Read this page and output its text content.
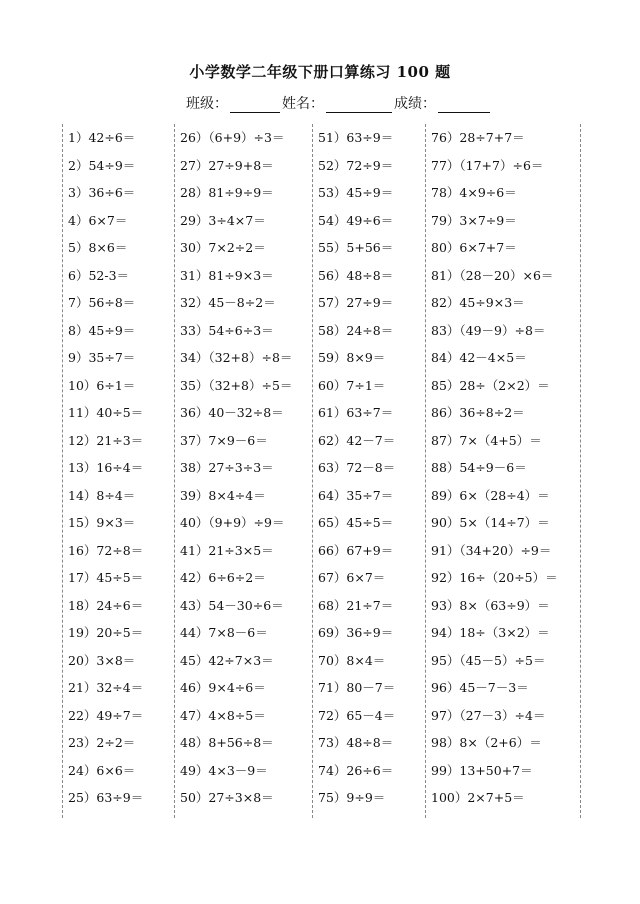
小学数学二年级下册口算练习 100 题
班级：	姓名：	成绩：
1）42÷6＝
2）54÷9＝
3）36÷6＝
4）6×7＝
5）8×6＝
6）52-3＝
7）56÷8＝
8）45÷9＝
9）35÷7＝
10）6÷1＝
11）40÷5＝
12）21÷3＝
13）16÷4＝
14）8÷4＝
15）9×3＝
16）72÷8＝
17）45÷5＝
18）24÷6＝
19）20÷5＝
20）3×8＝
21）32÷4＝
22）49÷7＝
23）2÷2＝
24）6×6＝
25）63÷9＝
26）（6+9）÷3＝
27）27÷9+8＝
28）81÷9÷9＝
29）3÷4×7＝
30）7×2÷2＝
31）81÷9×3＝
32）45－8÷2＝
33）54÷6÷3＝
34）（32+8）÷8＝
35）（32+8）÷5＝
36）40－32÷8＝
37）7×9－6＝
38）27÷3÷3＝
39）8×4÷4＝
40）（9+9）÷9＝
41）21÷3×5＝
42）6÷6÷2＝
43）54－30÷6＝
44）7×8－6＝
45）42÷7×3＝
46）9×4÷6＝
47）4×8÷5＝
48）8+56÷8＝
49）4×3－9＝
50）27÷3×8＝
51）63÷9＝
52）72÷9＝
53）45÷9＝
54）49÷6＝
55）5+56＝
56）48÷8＝
57）27÷9＝
58）24÷8＝
59）8×9＝
60）7÷1＝
61）63÷7＝
62）42－7＝
63）72－8＝
64）35÷7＝
65）45÷5＝
66）67+9＝
67）6×7＝
68）21÷7＝
69）36÷9＝
70）8×4＝
71）80－7＝
72）65－4＝
73）48÷8＝
74）26÷6＝
75）9÷9＝
76）28÷7+7＝
77）（17+7）÷6＝
78）4×9÷6＝
79）3×7÷9＝
80）6×7+7＝
81）（28－20）×6＝
82）45÷9×3＝
83）（49－9）÷8＝
84）42－4×5＝
85）28÷（2×2）＝
86）36÷8÷2＝
87）7×（4+5）＝
88）54÷9－6＝
89）6×（28÷4）＝
90）5×（14÷7）＝
91）（34+20）÷9＝
92）16÷（20÷5）＝
93）8×（63÷9）＝
94）18÷（3×2）＝
95）（45－5）÷5＝
96）45－7－3＝
97）（27－3）÷4＝
98）8×（2+6）＝
99）13+50+7＝
100）2×7+5＝
